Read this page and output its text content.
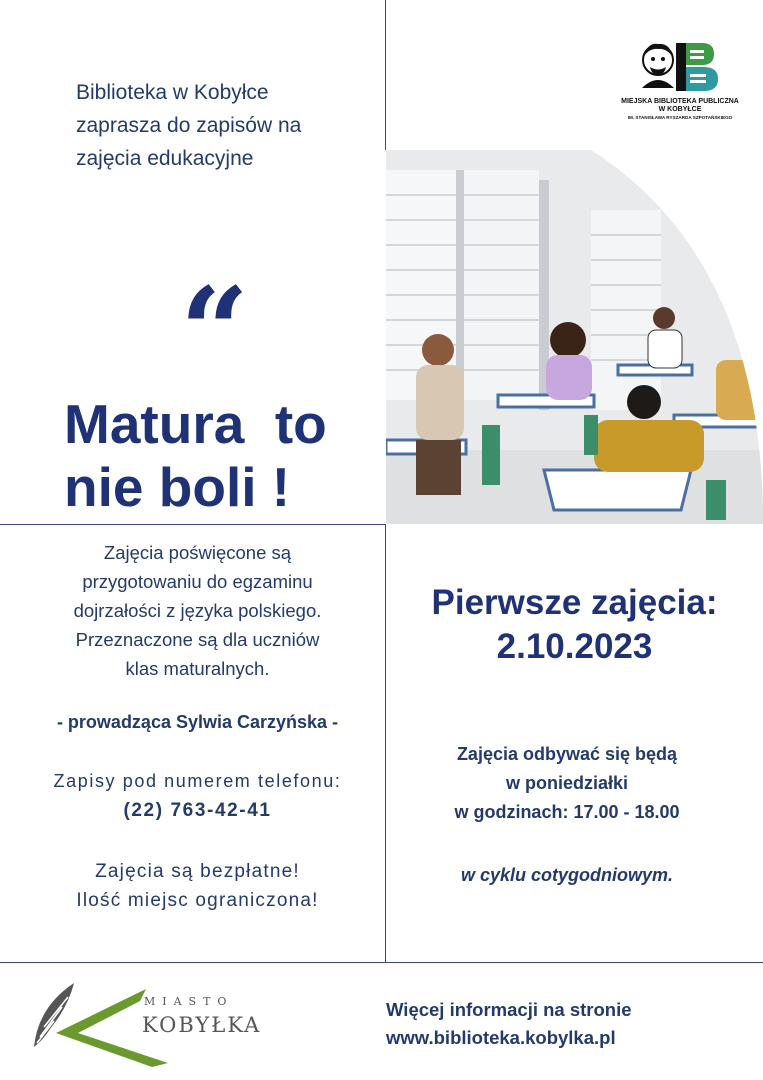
MIEJSKA BIBLIOTEKA PUBLICZNA W KOBYŁCE
IM. STANISŁAWA RYSZARDA SZPOTAŃSKIEGO
Biblioteka w Kobyłce
zaprasza do zapisów na
zajęcia edukacyjne
“
Matura  to
nie boli !
Zajęcia poświęcone są
przygotowaniu do egzaminu
dojrzałości z języka polskiego.
Przeznaczone są dla uczniów
klas maturalnych.
- prowadząca Sylwia Carzyńska -
Zapisy pod numerem telefonu:
(22) 763-42-41
Zajęcia są bezpłatne!
Ilość miejsc ograniczona!
Pierwsze zajęcia:
2.10.2023
Zajęcia odbywać się będą
w poniedziałki
w godzinach: 17.00 - 18.00
w cyklu cotygodniowym.
MIASTO
KOBYŁKA
Więcej informacji na stronie
www.biblioteka.kobylka.pl
